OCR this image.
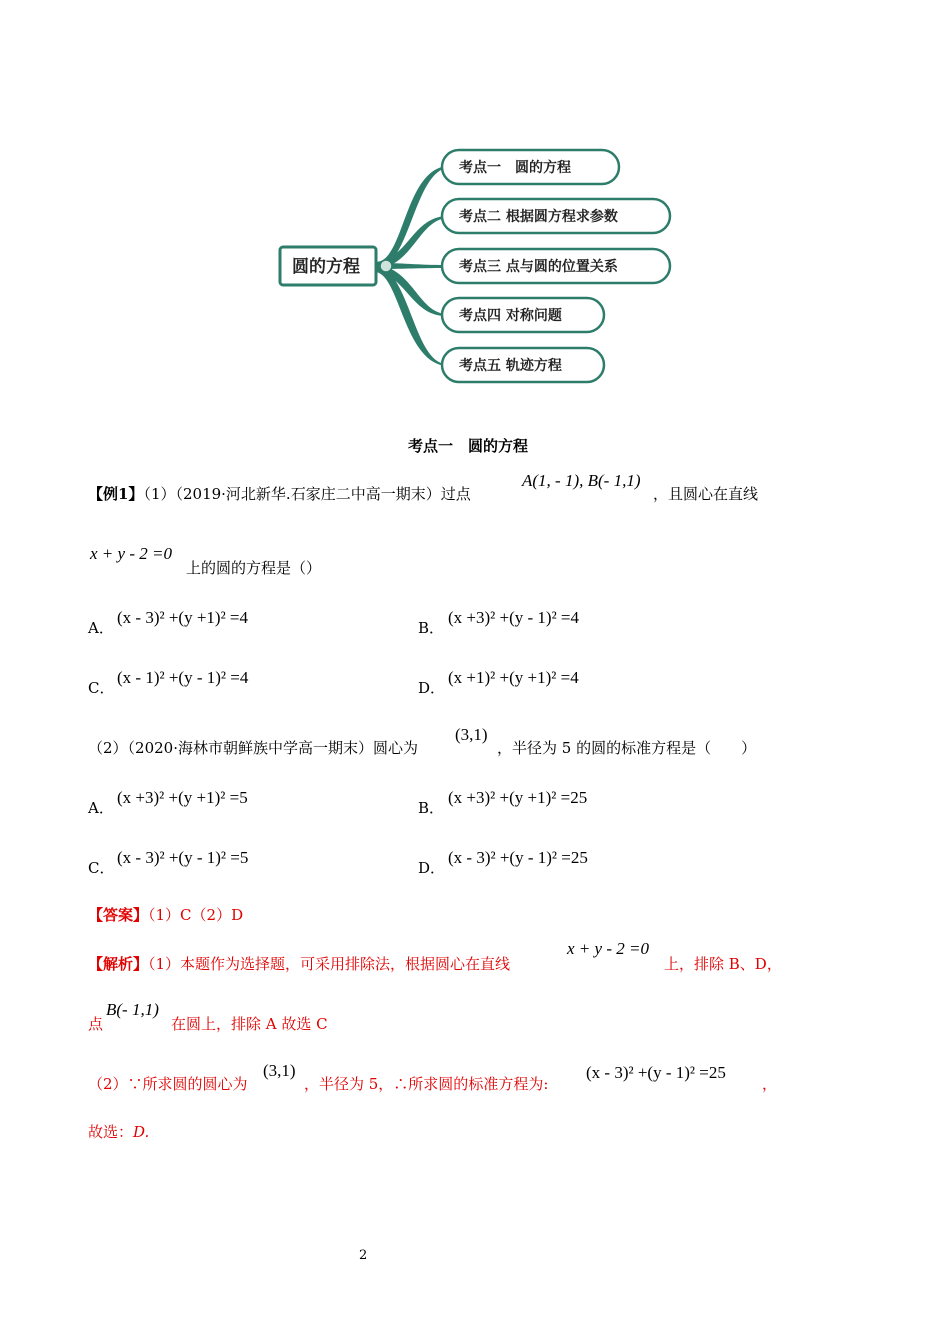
圆的方程
考点一　圆的方程
考点二 根据圆方程求参数
考点三 点与圆的位置关系
考点四 对称问题
考点五 轨迹方程
考点一　圆的方程
【例1】（1）（2019·河北新华.石家庄二中高一期末）过点
A(1, - 1), B(- 1,1)
，且圆心在直线
x + y - 2 =0
上的圆的方程是（）
A．
(x - 3)² +(y +1)² =4
B．
(x +3)² +(y - 1)² =4
C．
(x - 1)² +(y - 1)² =4
D．
(x +1)² +(y +1)² =4
（2）（2020·海林市朝鲜族中学高一期末）圆心为
(3,1)
，半径为 5 的圆的标准方程是（　　）
A．
(x +3)² +(y +1)² =5
B．
(x +3)² +(y +1)² =25
C．
(x - 3)² +(y - 1)² =5
D．
(x - 3)² +(y - 1)² =25
【答案】（1）C（2）D
【解析】（1）本题作为选择题，可采用排除法，根据圆心在直线
x + y - 2 =0
上，排除 B、D，
点
B(- 1,1)
在圆上，排除 A 故选 C
（2）∵所求圆的圆心为
(3,1)
，半径为 5，∴所求圆的标准方程为:
(x - 3)² +(y - 1)² =25
，
故选：D.
2
